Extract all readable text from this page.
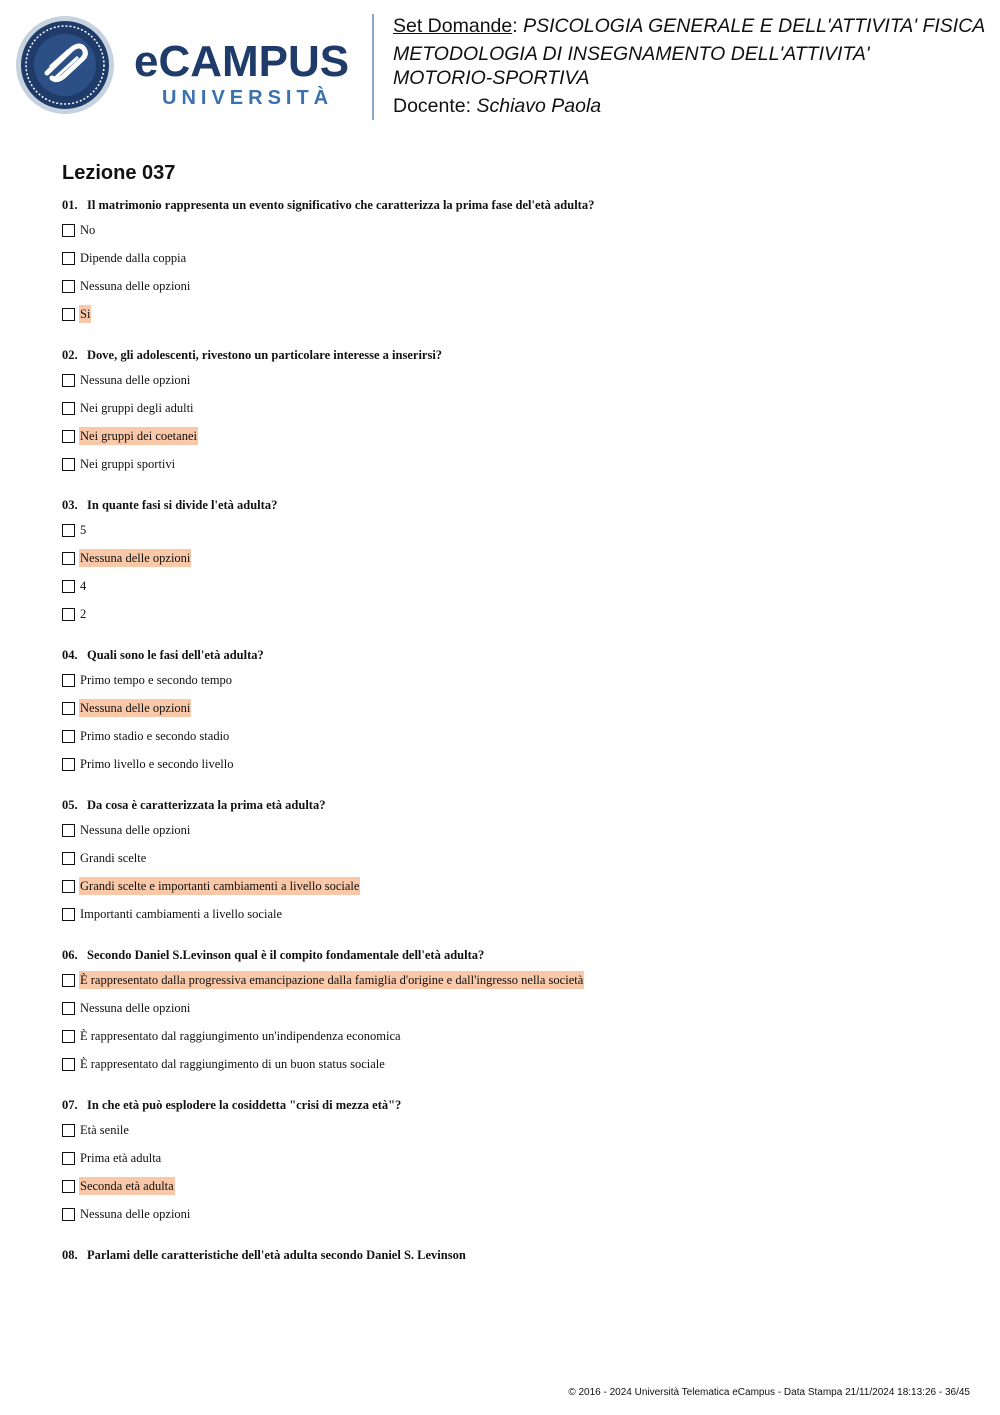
eCAMPUS
UNIVERSITÀ

Set Domande: PSICOLOGIA GENERALE E DELL'ATTIVITA' FISICA

METODOLOGIA DI INSEGNAMENTO DELL'ATTIVITA'

MOTORIO-SPORTIVA

Docente: Schiavo Paola

Lezione 037
01. Il matrimonio rappresenta un evento significativo che caratterizza la prima fase del'età adulta?
No
Dipende dalla coppia
Nessuna delle opzioni
Si
02. Dove, gli adolescenti, rivestono un particolare interesse a inserirsi?
Nessuna delle opzioni
Nei gruppi degli adulti
Nei gruppi dei coetanei
Nei gruppi sportivi
03. In quante fasi si divide l'età adulta?
5
Nessuna delle opzioni
4
2
04. Quali sono le fasi dell'età adulta?
Primo tempo e secondo tempo
Nessuna delle opzioni
Primo stadio e secondo stadio
Primo livello e secondo livello
05. Da cosa è caratterizzata la prima età adulta?
Nessuna delle opzioni
Grandi scelte
Grandi scelte e importanti cambiamenti a livello sociale
Importanti cambiamenti a livello sociale
06. Secondo Daniel S.Levinson qual è il compito fondamentale dell'età adulta?
È rappresentato dalla progressiva emancipazione dalla famiglia d'origine e dall'ingresso nella società
Nessuna delle opzioni
È rappresentato dal raggiungimento un'indipendenza economica
È rappresentato dal raggiungimento di un buon status sociale
07. In che età può esplodere la cosiddetta "crisi di mezza età"?
Età senile
Prima età adulta
Seconda età adulta
Nessuna delle opzioni
08. Parlami delle caratteristiche dell'età adulta secondo Daniel S. Levinson
© 2016 - 2024 Università Telematica eCampus - Data Stampa 21/11/2024 18:13:26 - 36/45
